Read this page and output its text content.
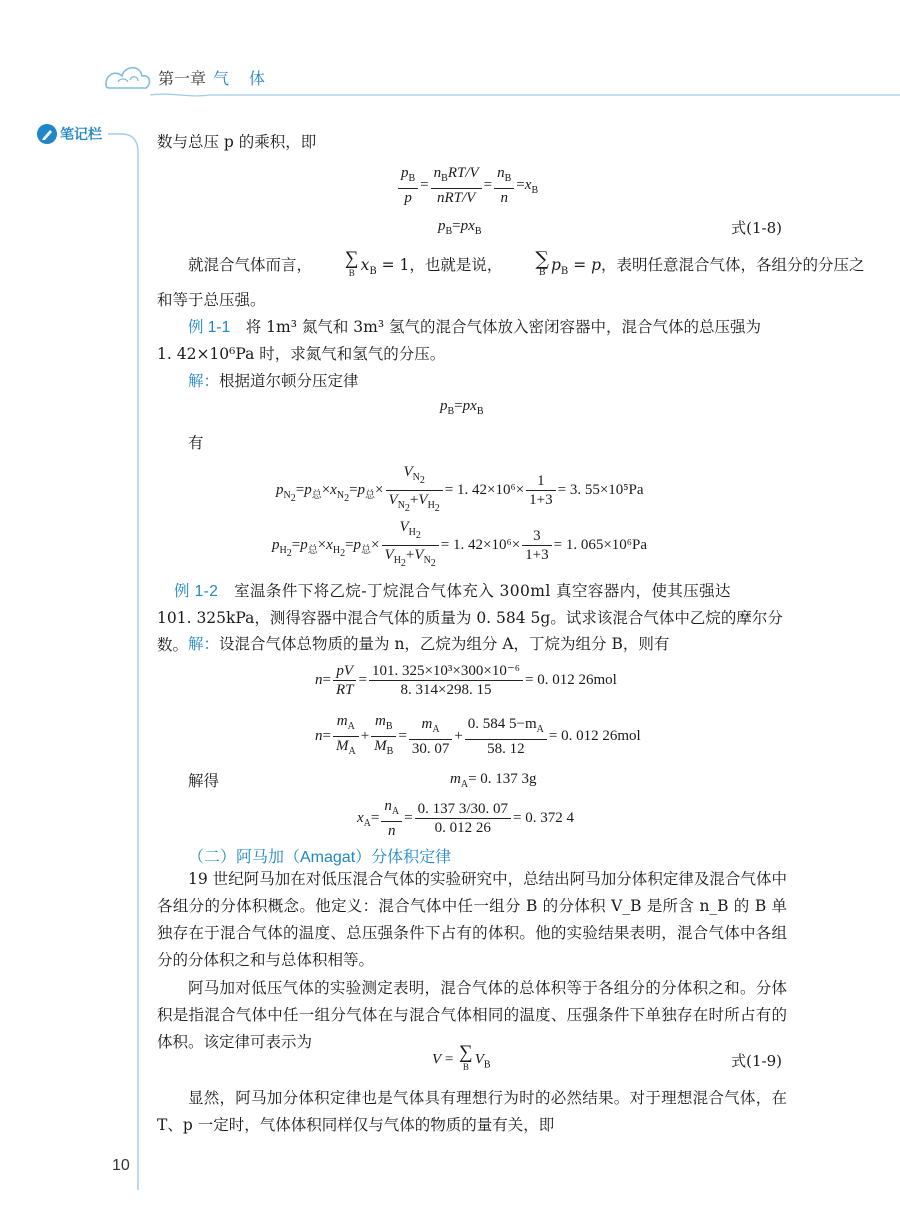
第一章 气　体
笔记栏	数与总压 p 的乘积，即

$\frac{p_B}{p} = \frac{n_BRT/V}{\text{nRT/V}} = \frac{n_B}{n} =x_B$
$p_B=px_B$	式(1-8)
就混合气体而言，	∑
B $x_B = 1$，也就是说，	∑
B $p_B = p$，表明任意混合气体，各组分的分压之

和等于总压强。

例 1-1　将 1m³ 氮气和 3m³ 氢气的混合气体放入密闭容器中，混合气体的总压强为

1. 42×10⁶Pa 时，求氮气和氢气的分压。

解：根据道尔顿分压定律

$p_B=px_B$

有

$p_{N_2}=p_总\times x_{N_2}=p_总\times \frac{V_{N_2}}{V_{N_2}+V_{H_2}} = 1$. $42\times 10^6\times \frac{1}{1+3} = 3$. 55×10⁵Pa
$p_{H_2}=p_总\times x_{H_2}=p_总\times \frac{V_{H_2}}{V_{H_2}+V_{N_2}} = 1$. $42\times 10^6\times \frac{3}{1+3} = 1$. 065×10⁶Pa

例 1-2　室温条件下将乙烷-丁烷混合气体充入 300ml 真空容器内，使其压强达

101. 325kPa，测得容器中混合气体的质量为 0. 584 5g。试求该混合气体中乙烷的摩尔分数。 解：设混合气体总物质的量为 n，乙烷为组分 A，丁烷为组分 B，则有

$n= \frac{pV}{RT} = \frac{\text{101. 325×10³×300×10⁻⁶}}{8. 314\times 298. 15} = 0$. 012 26mol
$n= \frac{m_A}{M_A} + \frac{m_B}{M_B} = \frac{m_A}{30. 07} + \frac{0. 584 5-m_A}{58. 12} = 0$. 012 26mol

解得	$m_A= 0$. 137 3g
$x_A= \frac{n_A}{n} = \frac{0. 137 3/30. 07}{0. 012 26} = 0$. 372 4
（二）阿马加（Amagat）分体积定律

19 世纪阿马加在对低压混合气体的实验研究中，总结出阿马加分体积定律及混合气体中各组分的分体积概念。他定义：混合气体中任一组分 B 的分体积 V_B 是所含 n_B 的 B 单独存在于混合气体的温度、总压强条件下占有的体积。他的实验结果表明，混合气体中各组分的分体积之和与总体积相等。

阿马加对低压气体的实验测定表明，混合气体的总体积等于各组分的分体积之和。分体积是指混合气体中任一组分气体在与混合气体相同的温度、压强条件下单独存在时所占有的体积。该定律可表示为

V = ∑
B $V_B$	式(1-9)

显然，阿马加分体积定律也是气体具有理想行为时的必然结果。对于理想混合气体，在 T、p 一定时，气体体积同样仅与气体的物质的量有关，即

10
